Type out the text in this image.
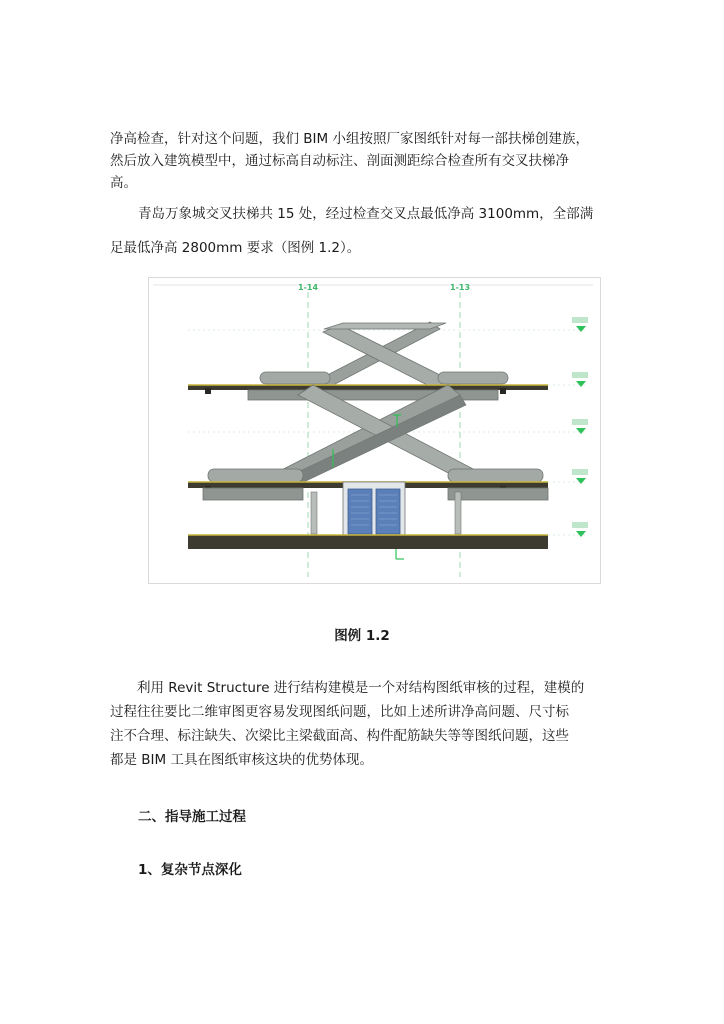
净高检查，针对这个问题，我们 BIM 小组按照厂家图纸针对每一部扶梯创建族，
然后放入建筑模型中，通过标高自动标注、剖面测距综合检查所有交叉扶梯净
高。

青岛万象城交叉扶梯共 15 处，经过检查交叉点最低净高 3100mm，全部满
足最低净高 2800mm 要求（图例 1.2）。

1-14	1-13
图例 1.2

　　利用 Revit Structure 进行结构建模是一个对结构图纸审核的过程，建模的
过程往往要比二维审图更容易发现图纸问题，比如上述所讲净高问题、尺寸标
注不合理、标注缺失、次梁比主梁截面高、构件配筋缺失等等图纸问题，这些
都是 BIM 工具在图纸审核这块的优势体现。

二、指导施工过程
1、复杂节点深化
